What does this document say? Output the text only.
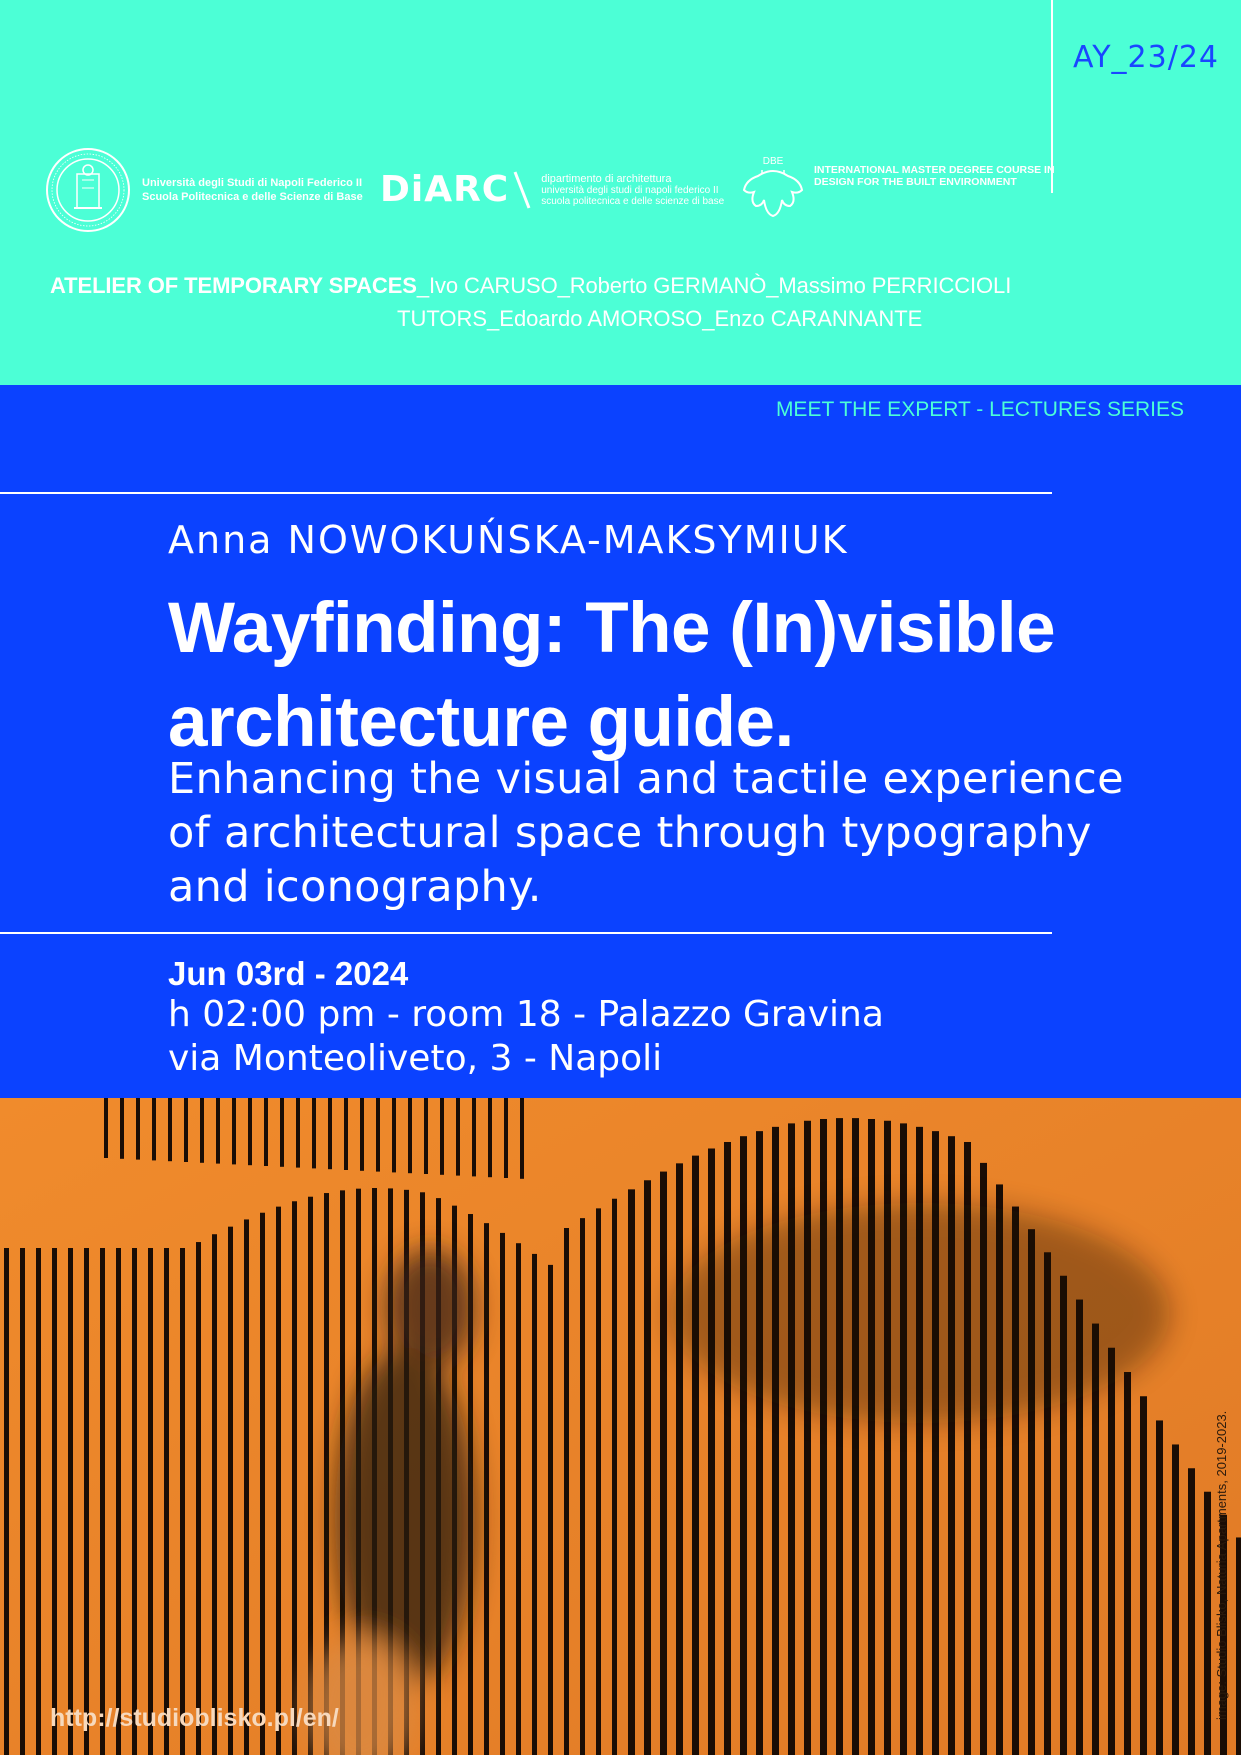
AY_23/24
Università degli Studi di Napoli Federico II
Scuola Politecnica e delle Scienze di Base DiARC	dipartimento di architettura
università degli studi di napoli federico II
scuola politecnica e delle scienze di base
DBE
INTERNATIONAL MASTER DEGREE COURSE IN
DESIGN FOR THE BUILT ENVIRONMENT
ATELIER OF TEMPORARY SPACES_Ivo CARUSO_Roberto GERMANÒ_Massimo PERRICCIOLI
TUTORS_Edoardo AMOROSO_Enzo CARANNANTE
MEET THE EXPERT - LECTURES SERIES
Anna NOWOKUŃSKA-MAKSYMIUK
Wayfinding: The (In)visible
architecture guide.
Enhancing the visual and tactile experience
of architectural space through typography
and iconography.
Jun 03rd - 2024
h 02:00 pm - room 18 - Palazzo Gravina
via Monteoliveto, 3 - Napoli
http://studioblisko.pl/en/	image: Studio Blisko, Naturia Apartments, 2019-2023.
